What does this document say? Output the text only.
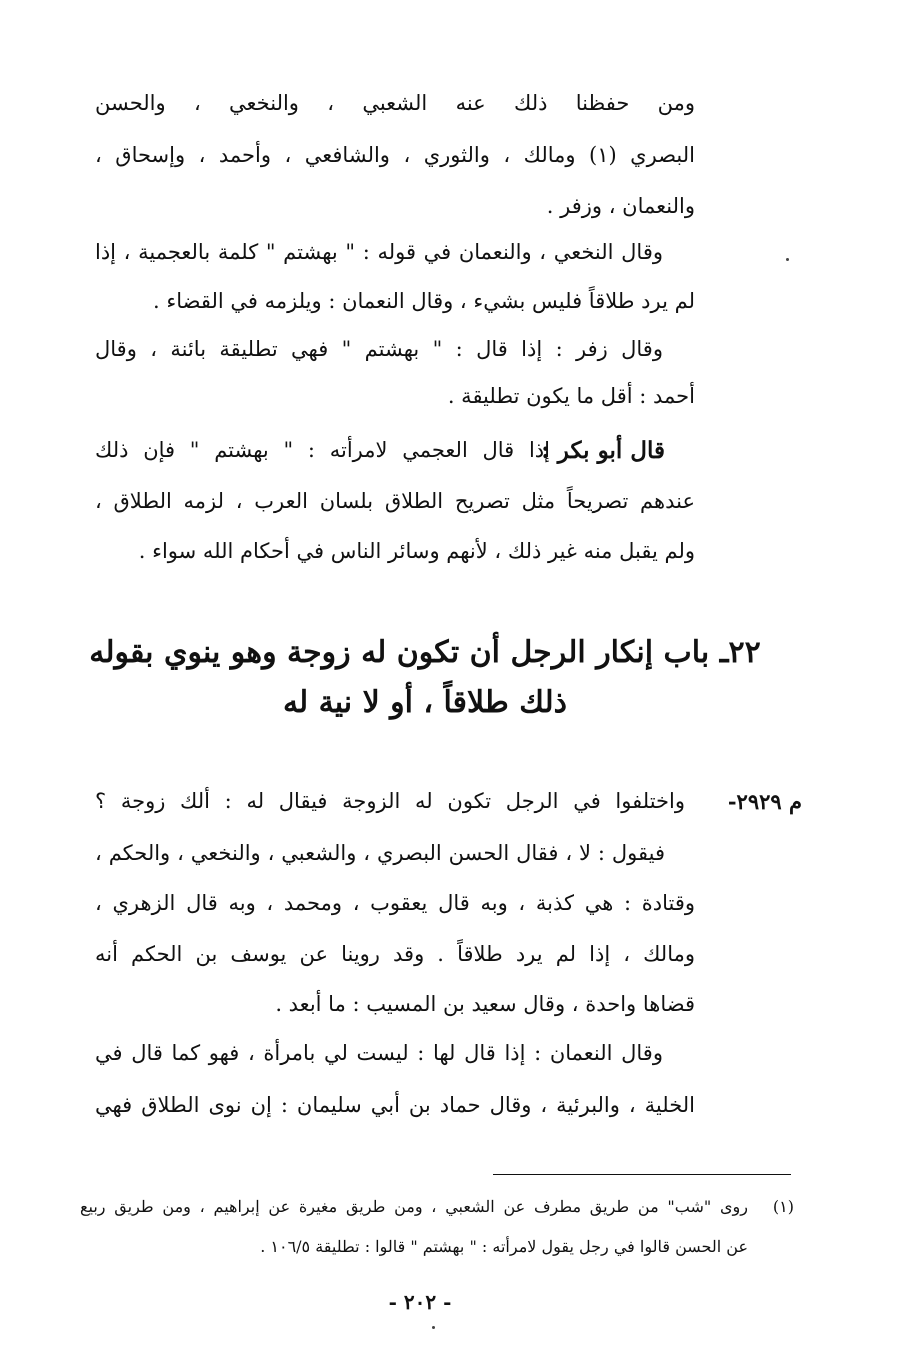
ومن حفظنا ذلك عنه الشعبي ، والنخعي ، والحسن
البصري (١) ومالك ، والثوري ، والشافعي ، وأحمد ، وإسحاق ،
والنعمان ، وزفر .
وقال النخعي ، والنعمان في قوله : " بهشتم " كلمة بالعجمية ، إذا
لم يرد طلاقاً فليس بشيء ، وقال النعمان : ويلزمه في القضاء .
وقال زفر : إذا قال : " بهشتم " فهي تطليقة بائنة ، وقال
أحمد : أقل ما يكون تطليقة .
قال أبو بكر :
إذا قال العجمي لامرأته : " بهشتم " فإن ذلك
عندهم تصريحاً مثل تصريح الطلاق بلسان العرب ، لزمه الطلاق ،
ولم يقبل منه غير ذلك ، لأنهم وسائر الناس في أحكام الله سواء .
٢٢ـ باب إنكار الرجل أن تكون له زوجة وهو ينوي بقوله
ذلك طلاقاً ، أو لا نية له
م ٢٩٢٩-
واختلفوا في الرجل تكون له الزوجة فيقال له : ألك زوجة ؟
فيقول : لا ، فقال الحسن البصري ، والشعبي ، والنخعي ، والحكم ،
وقتادة : هي كذبة ، وبه قال يعقوب ، ومحمد ، وبه قال الزهري ،
ومالك ، إذا لم يرد طلاقاً . وقد روينا عن يوسف بن الحكم أنه
قضاها واحدة ، وقال سعيد بن المسيب : ما أبعد .
وقال النعمان : إذا قال لها : ليست لي بامرأة ، فهو كما قال في
الخلية ، والبرئية ، وقال حماد بن أبي سليمان : إن نوى الطلاق فهي
(١)
روى "شب" من طريق مطرف عن الشعبي ، ومن طريق مغيرة عن إبراهيم ، ومن طريق ربيع
عن الحسن قالوا في رجل يقول لامرأته : " بهشتم " قالوا : تطليقة ١٠٦/٥ .
- ٢٠٢ -
